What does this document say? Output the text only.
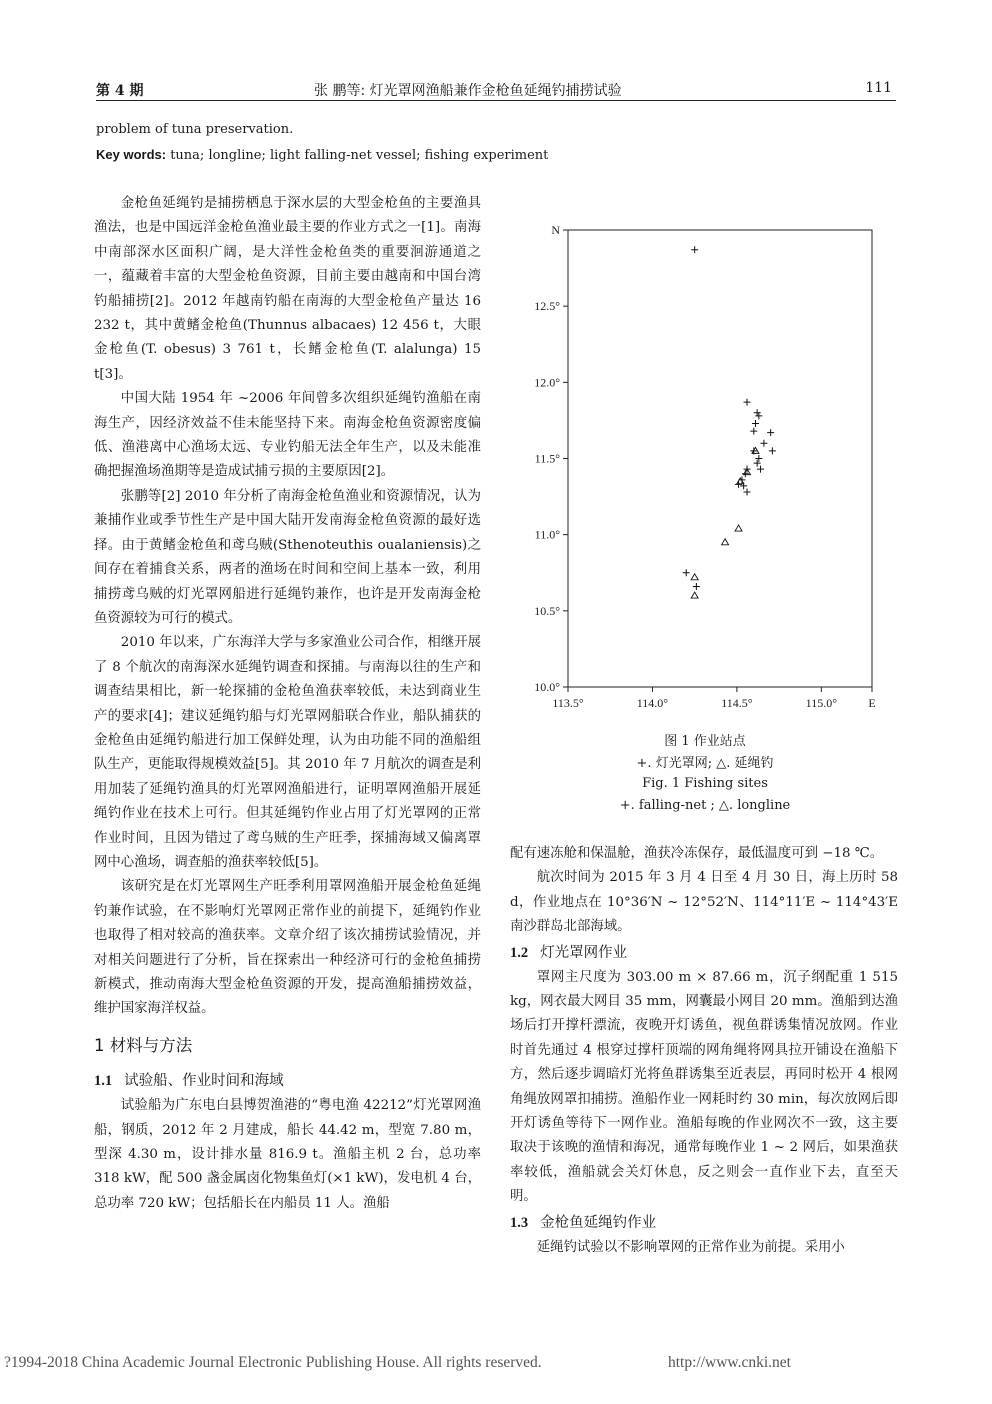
第 4 期	张 鹏等: 灯光罩网渔船兼作金枪鱼延绳钓捕捞试验	111
problem of tuna preservation.
Key words: tuna; longline; light falling-net vessel; fishing experiment

金枪鱼延绳钓是捕捞栖息于深水层的大型金枪鱼的主要渔具渔法，也是中国远洋金枪鱼渔业最主要的作业方式之一[1]。南海中南部深水区面积广阔，是大洋性金枪鱼类的重要洄游通道之一，蕴藏着丰富的大型金枪鱼资源，目前主要由越南和中国台湾钓船捕捞[2]。2012 年越南钓船在南海的大型金枪鱼产量达 16 232 t，其中黄鳍金枪鱼(Thunnus albacaes) 12 456 t，大眼金枪鱼(T. obesus) 3 761 t，长鳍金枪鱼(T. alalunga) 15 t[3]。

中国大陆 1954 年 ~2006 年间曾多次组织延绳钓渔船在南海生产，因经济效益不佳未能坚持下来。南海金枪鱼资源密度偏低、渔港离中心渔场太远、专业钓船无法全年生产，以及未能准确把握渔场渔期等是造成试捕亏损的主要原因[2]。

张鹏等[2] 2010 年分析了南海金枪鱼渔业和资源情况，认为兼捕作业或季节性生产是中国大陆开发南海金枪鱼资源的最好选择。由于黄鳍金枪鱼和鸢乌贼(Sthenoteuthis oualaniensis)之间存在着捕食关系，两者的渔场在时间和空间上基本一致，利用捕捞鸢乌贼的灯光罩网船进行延绳钓兼作，也许是开发南海金枪鱼资源较为可行的模式。

2010 年以来，广东海洋大学与多家渔业公司合作，相继开展了 8 个航次的南海深水延绳钓调查和探捕。与南海以往的生产和调查结果相比，新一轮探捕的金枪鱼渔获率较低，未达到商业生产的要求[4]；建议延绳钓船与灯光罩网船联合作业，船队捕获的金枪鱼由延绳钓船进行加工保鲜处理，认为由功能不同的渔船组队生产，更能取得规模效益[5]。其 2010 年 7 月航次的调查是利用加装了延绳钓渔具的灯光罩网渔船进行，证明罩网渔船开展延绳钓作业在技术上可行。但其延绳钓作业占用了灯光罩网的正常作业时间，且因为错过了鸢乌贼的生产旺季，探捕海域又偏离罩网中心渔场，调查船的渔获率较低[5]。

该研究是在灯光罩网生产旺季利用罩网渔船开展金枪鱼延绳钓兼作试验，在不影响灯光罩网正常作业的前提下，延绳钓作业也取得了相对较高的渔获率。文章介绍了该次捕捞试验情况，并对相关问题进行了分析，旨在探索出一种经济可行的金枪鱼捕捞新模式，推动南海大型金枪鱼资源的开发，提高渔船捕捞效益，维护国家海洋权益。

1 材料与方法

1.1 试验船、作业时间和海域

试验船为广东电白县博贺渔港的“粤电渔 42212”灯光罩网渔船，钢质，2012 年 2 月建成，船长 44.42 m，型宽 7.80 m，型深 4.30 m，设计排水量 816.9 t。渔船主机 2 台，总功率 318 kW，配 500 盏金属卤化物集鱼灯(×1 kW)，发电机 4 台，总功率 720 kW；包括船长在内船员 11 人。渔船

10.0°
10.5°
11.0°
11.5°
12.0°
12.5°
N
113.5°	114.0°	114.5°	115.0°	E
图 1 作业站点
+. 灯光罩网; △. 延绳钓
Fig. 1 Fishing sites
+. falling-net ; △. longline

配有速冻舱和保温舱，渔获冷冻保存，最低温度可到 −18 ℃。

航次时间为 2015 年 3 月 4 日至 4 月 30 日，海上历时 58 d，作业地点在 10°36′N ~ 12°52′N、114°11′E ~ 114°43′E 南沙群岛北部海域。

1.2 灯光罩网作业

罩网主尺度为 303.00 m × 87.66 m，沉子纲配重 1 515 kg，网衣最大网目 35 mm，网囊最小网目 20 mm。渔船到达渔场后打开撑杆漂流，夜晚开灯诱鱼，视鱼群诱集情况放网。作业时首先通过 4 根穿过撑杆顶端的网角绳将网具拉开铺设在渔船下方，然后逐步调暗灯光将鱼群诱集至近表层，再同时松开 4 根网角绳放网罩扣捕捞。渔船作业一网耗时约 30 min，每次放网后即开灯诱鱼等待下一网作业。渔船每晚的作业网次不一致，这主要取决于该晚的渔情和海况，通常每晚作业 1 ~ 2 网后，如果渔获率较低，渔船就会关灯休息，反之则会一直作业下去，直至天明。

1.3 金枪鱼延绳钓作业

延绳钓试验以不影响罩网的正常作业为前提。采用小

?1994-2018 China Academic Journal Electronic Publishing House. All rights reserved.	http://www.cnki.net
